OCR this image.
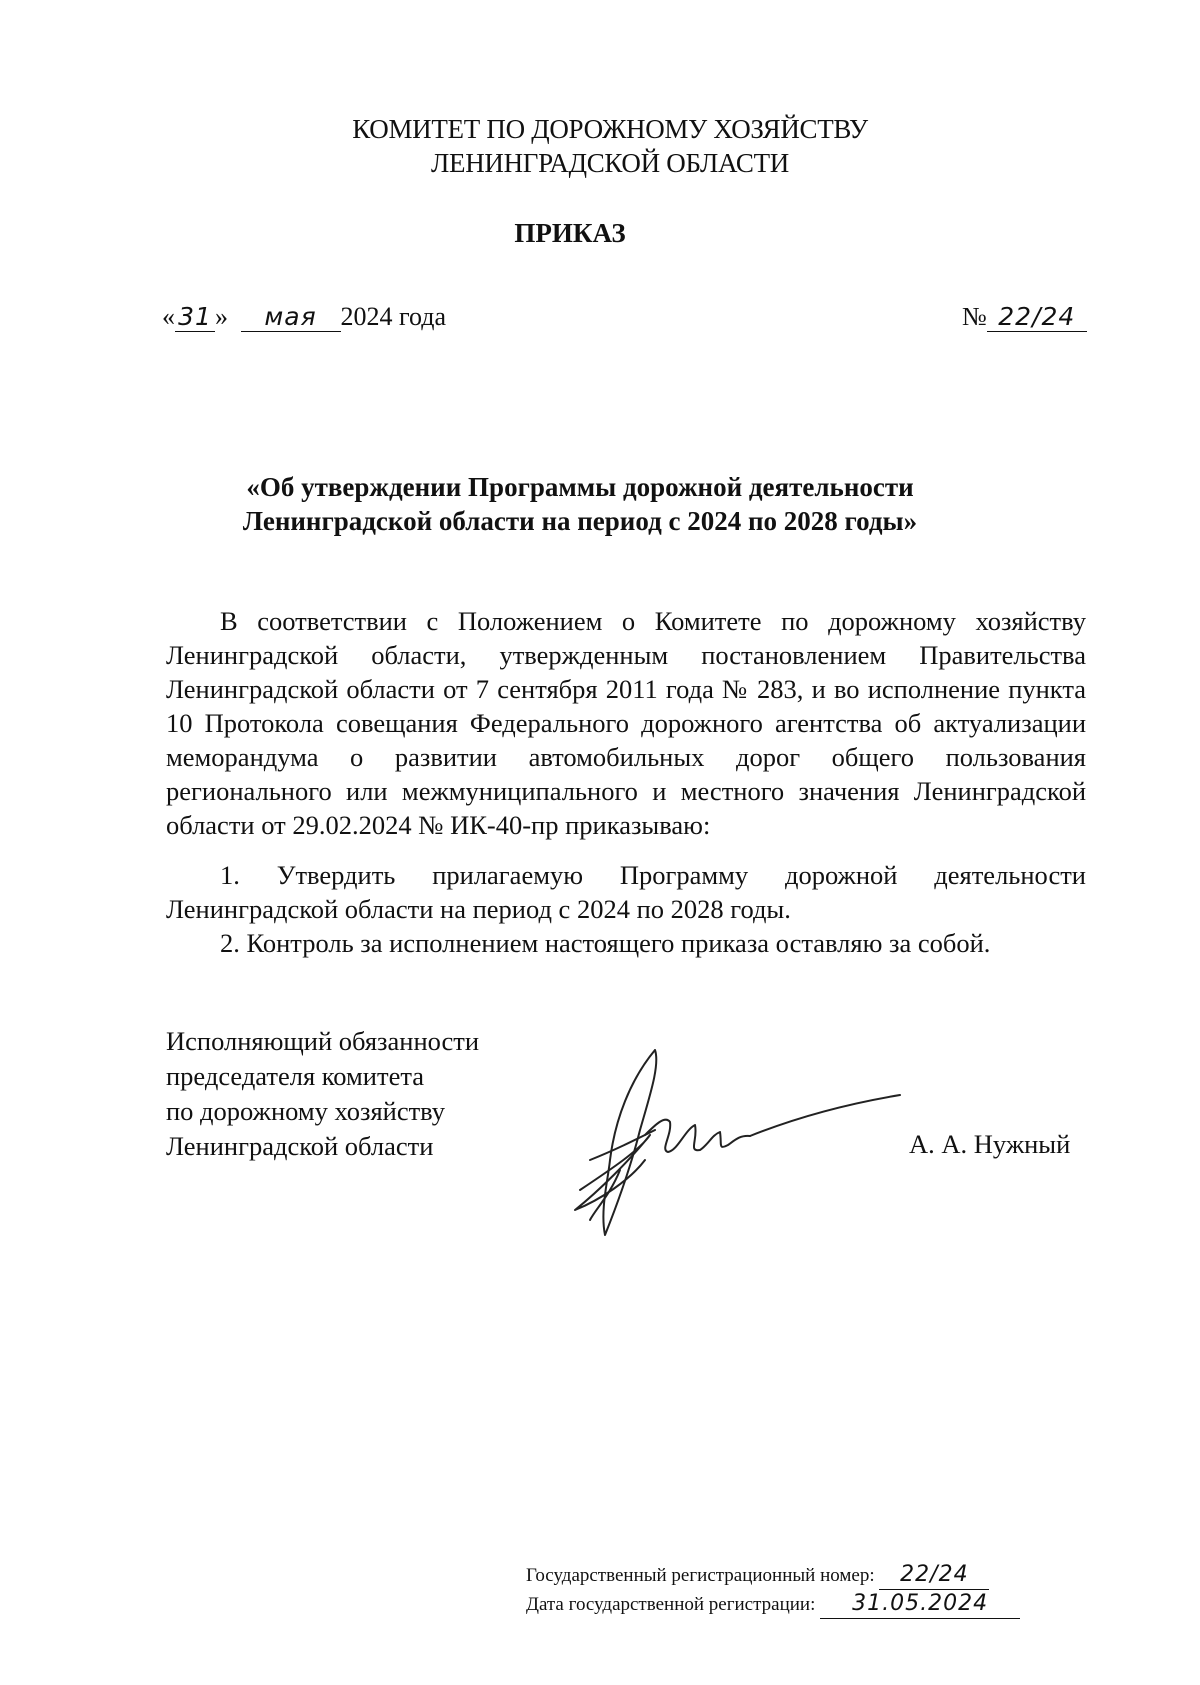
КОМИТЕТ ПО ДОРОЖНОМУ ХОЗЯЙСТВУ
ЛЕНИНГРАДСКОЙ ОБЛАСТИ
ПРИКАЗ
« 31 » мая 2024 года	№ 22/24
«Об утверждении Программы дорожной деятельности
Ленинградской области на период с 2024 по 2028 годы»
В соответствии с Положением о Комитете по дорожному хозяйству Ленинградской области, утвержденным постановлением Правительства Ленинградской области от 7 сентября 2011 года № 283, и во исполнение пункта 10 Протокола совещания Федерального дорожного агентства об актуализации меморандума о развитии автомобильных дорог общего пользования регионального или межмуниципального и местного значения Ленинградской области от 29.02.2024 № ИК-40-пр приказываю:
1. Утвердить прилагаемую Программу дорожной деятельности Ленинградской области на период с 2024 по 2028 годы.
2. Контроль за исполнением настоящего приказа оставляю за собой.
Исполняющий обязанности
председателя комитета
по дорожному хозяйству
Ленинградской области	А. А. Нужный
Государственный регистрационный номер: 22/24
Дата государственной регистрации: 31.05.2024
